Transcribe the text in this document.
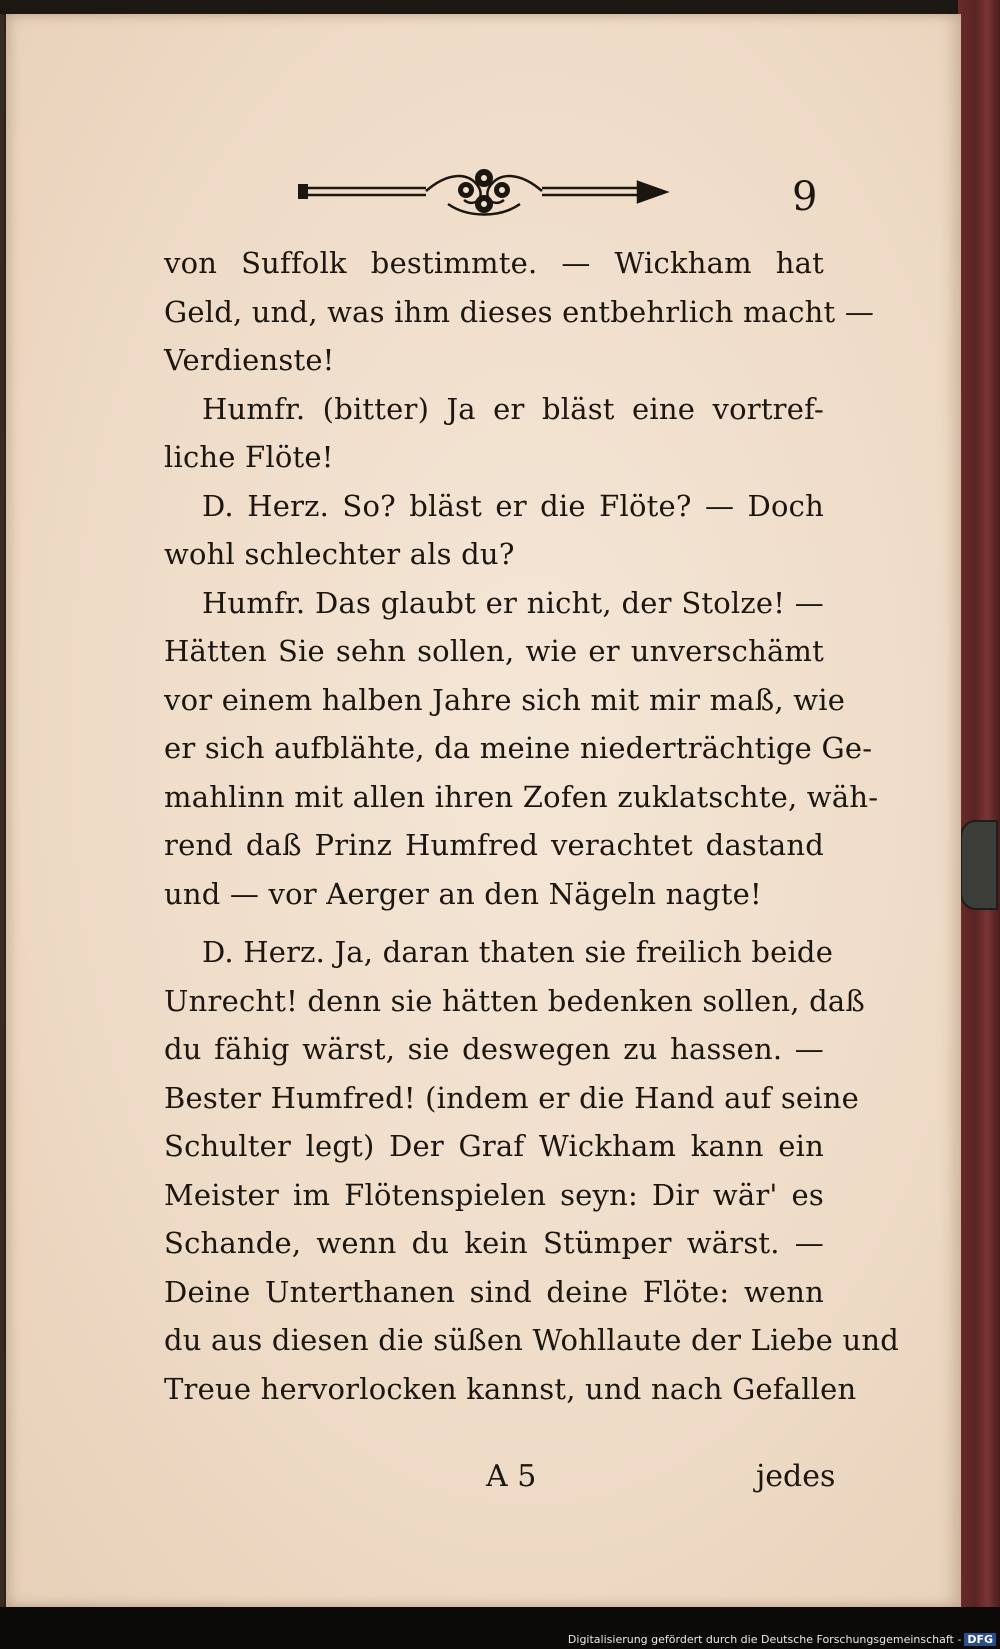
9
von Suffolk bestimmte. — Wickham hat
Geld, und, was ihm dieses entbehrlich macht —
Verdienste!
Humfr. (bitter) Ja er bläst eine vortref-
liche Flöte!
D. Herz. So? bläst er die Flöte? — Doch
wohl schlechter als du?
Humfr. Das glaubt er nicht, der Stolze! —
Hätten Sie sehn sollen, wie er unverschämt
vor einem halben Jahre sich mit mir maß, wie
er sich aufblähte, da meine niederträchtige Ge-
mahlinn mit allen ihren Zofen zuklatschte, wäh-
rend daß Prinz Humfred verachtet dastand
und — vor Aerger an den Nägeln nagte!
D. Herz. Ja, daran thaten sie freilich beide
Unrecht! denn sie hätten bedenken sollen, daß
du fähig wärst, sie deswegen zu hassen. —
Bester Humfred! (indem er die Hand auf seine
Schulter legt) Der Graf Wickham kann ein
Meister im Flötenspielen seyn: Dir wär' es
Schande, wenn du kein Stümper wärst. —
Deine Unterthanen sind deine Flöte: wenn
du aus diesen die süßen Wohllaute der Liebe und
Treue hervorlocken kannst, und nach Gefallen
A 5	jedes
Digitalisierung gefördert durch die Deutsche Forschungsgemeinschaft - DFG
